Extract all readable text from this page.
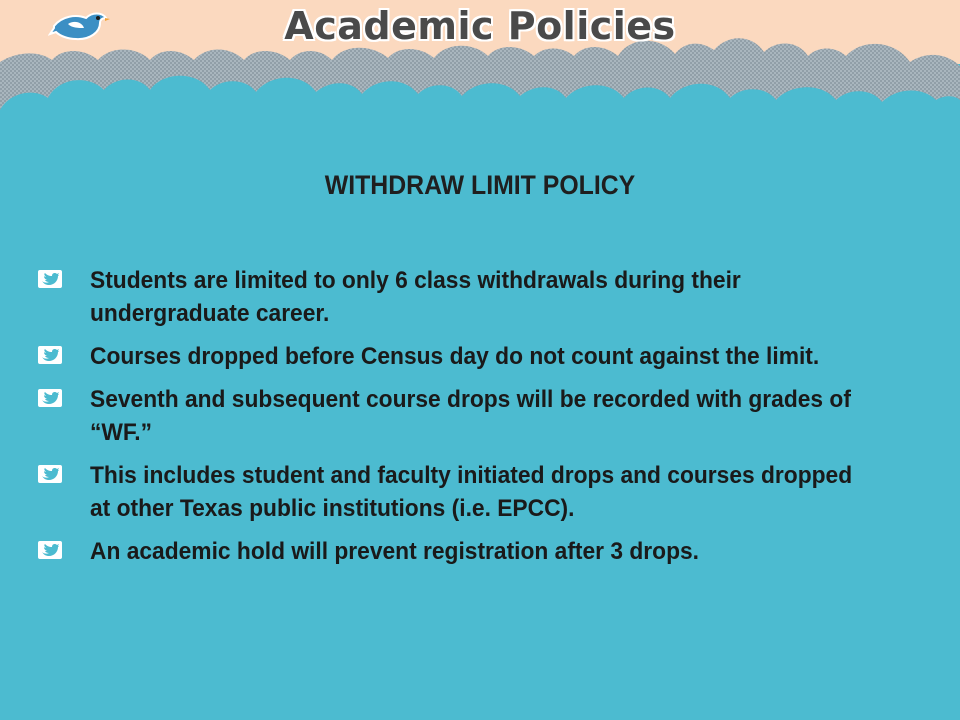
Academic Policies
WITHDRAW LIMIT POLICY
Students are limited to only 6 class withdrawals during their undergraduate career.
Courses dropped before Census day do not count against the limit.
Seventh and subsequent course drops will be recorded with grades of “WF.”
This includes student and faculty initiated drops and courses dropped at other Texas public institutions (i.e. EPCC).
An academic hold will prevent registration after 3 drops.
